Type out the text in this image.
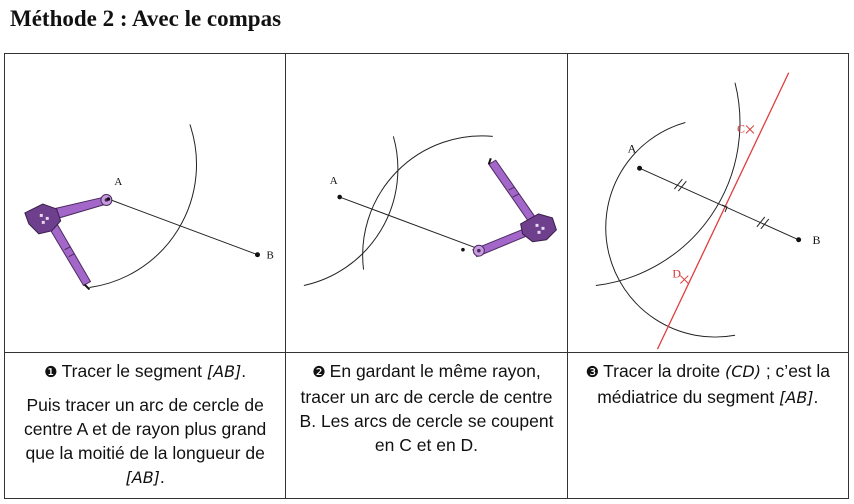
Méthode 2 : Avec le compas
B
A	A	A
B
C
D

❶ Tracer le segment [AB].

Puis tracer un arc de cercle de centre A et de rayon plus grand que la moitié de la longueur de [AB].	❷ En gardant le même rayon, tracer un arc de cercle de centre B. Les arcs de cercle se coupent en C et en D.	❸ Tracer la droite (CD) ; c’est la médiatrice du segment [AB].
